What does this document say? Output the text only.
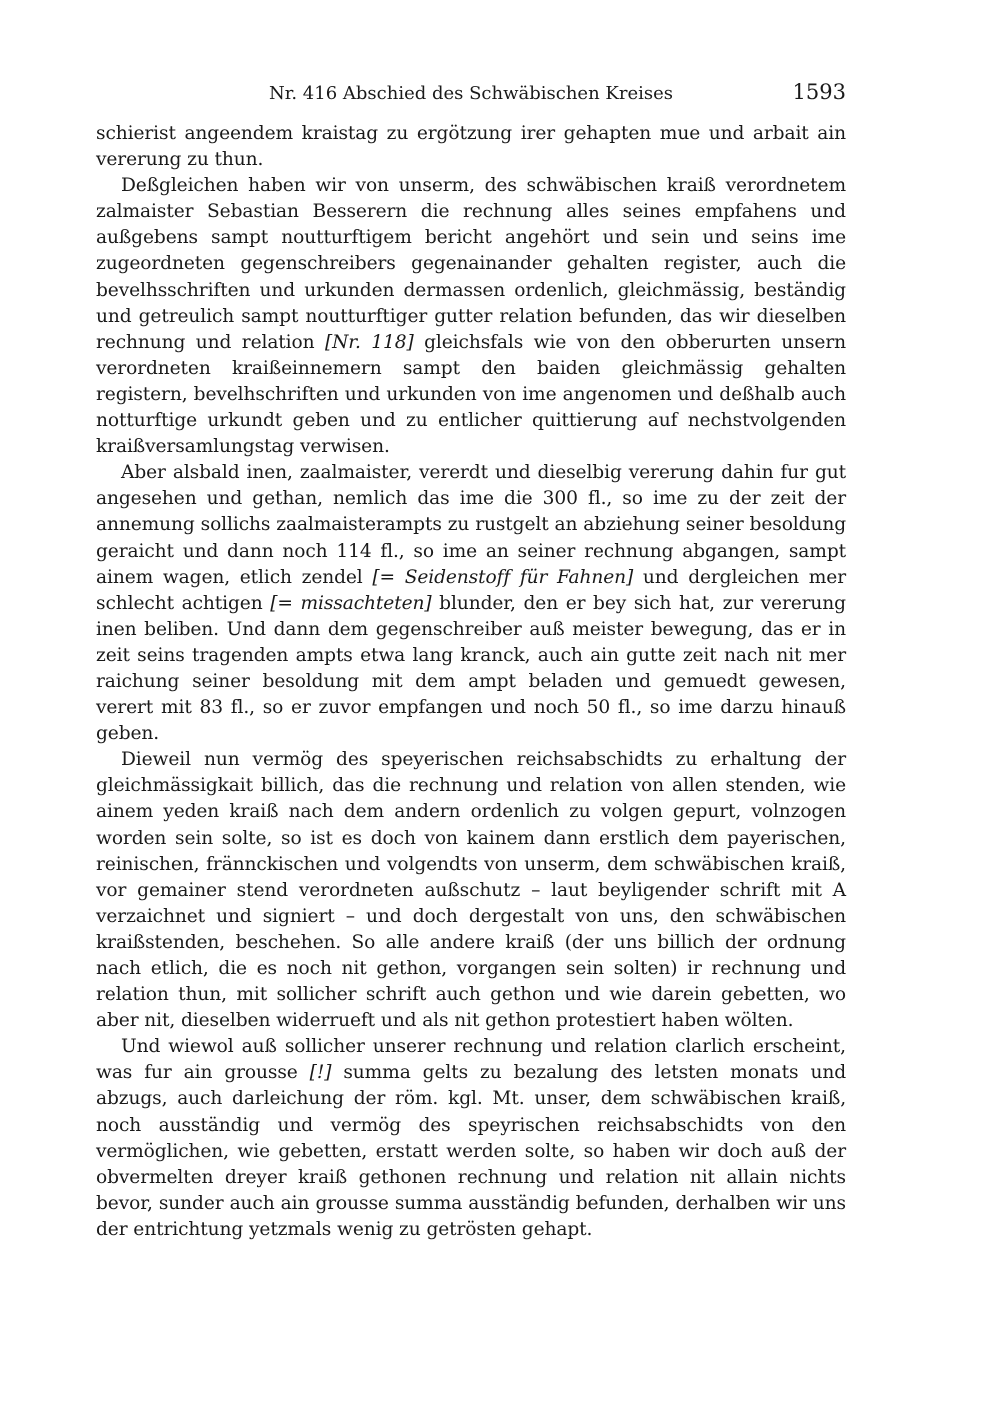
Nr. 416 Abschied des Schwäbischen Kreises	1593

schierist angeendem kraistag zu ergötzung irer gehapten mue und arbait ain vererung zu thun.

Deßgleichen haben wir von unserm, des schwäbischen kraiß verordnetem zalmaister Sebastian Besserern die rechnung alles seines empfahens und außgebens sampt noutturftigem bericht angehört und sein und seins ime zugeordneten gegenschreibers gegenainander gehalten register, auch die bevelhsschriften und urkunden dermassen ordenlich, gleichmässig, beständig und getreulich sampt noutturftiger gutter relation befunden, das wir dieselben rechnung und relation [Nr. 118] gleichsfals wie von den obberurten unsern verordneten kraißeinnemern sampt den baiden gleichmässig gehalten registern, bevelhschriften und urkunden von ime angenomen und deßhalb auch notturftige urkundt geben und zu entlicher quittierung auf nechstvolgenden kraißversamlungstag verwisen.

Aber alsbald inen, zaalmaister, vererdt und dieselbig vererung dahin fur gut angesehen und gethan, nemlich das ime die 300 fl., so ime zu der zeit der annemung sollichs zaalmaisterampts zu rustgelt an abziehung seiner besoldung geraicht und dann noch 114 fl., so ime an seiner rechnung abgangen, sampt ainem wagen, etlich zendel [= Seidenstoff für Fahnen] und dergleichen mer schlecht achtigen [= missachteten] blunder, den er bey sich hat, zur vererung inen beliben. Und dann dem gegenschreiber auß meister bewegung, das er in zeit seins tragenden ampts etwa lang kranck, auch ain gutte zeit nach nit mer raichung seiner besoldung mit dem ampt beladen und gemuedt gewesen, verert mit 83 fl., so er zuvor empfangen und noch 50 fl., so ime darzu hinauß geben.

Dieweil nun vermög des speyerischen reichsabschidts zu erhaltung der gleichmässigkait billich, das die rechnung und relation von allen stenden, wie ainem yeden kraiß nach dem andern ordenlich zu volgen gepurt, volnzogen worden sein solte, so ist es doch von kainem dann erstlich dem payerischen, reinischen, frännckischen und volgendts von unserm, dem schwäbischen kraiß, vor gemainer stend verordneten außschutz – laut beyligender schrift mit A verzaichnet und signiert – und doch dergestalt von uns, den schwäbischen kraißstenden, beschehen. So alle andere kraiß (der uns billich der ordnung nach etlich, die es noch nit gethon, vorgangen sein solten) ir rechnung und relation thun, mit sollicher schrift auch gethon und wie darein gebetten, wo aber nit, dieselben widerrueft und als nit gethon protestiert haben wölten.

Und wiewol auß sollicher unserer rechnung und relation clarlich erscheint, was fur ain grousse [!] summa gelts zu bezalung des letsten monats und abzugs, auch darleichung der röm. kgl. Mt. unser, dem schwäbischen kraiß, noch ausständig und vermög des speyrischen reichsabschidts von den vermöglichen, wie gebetten, erstatt werden solte, so haben wir doch auß der obvermelten dreyer kraiß gethonen rechnung und relation nit allain nichts bevor, sunder auch ain grousse summa ausständig befunden, derhalben wir uns der entrichtung yetzmals wenig zu getrösten gehapt.
